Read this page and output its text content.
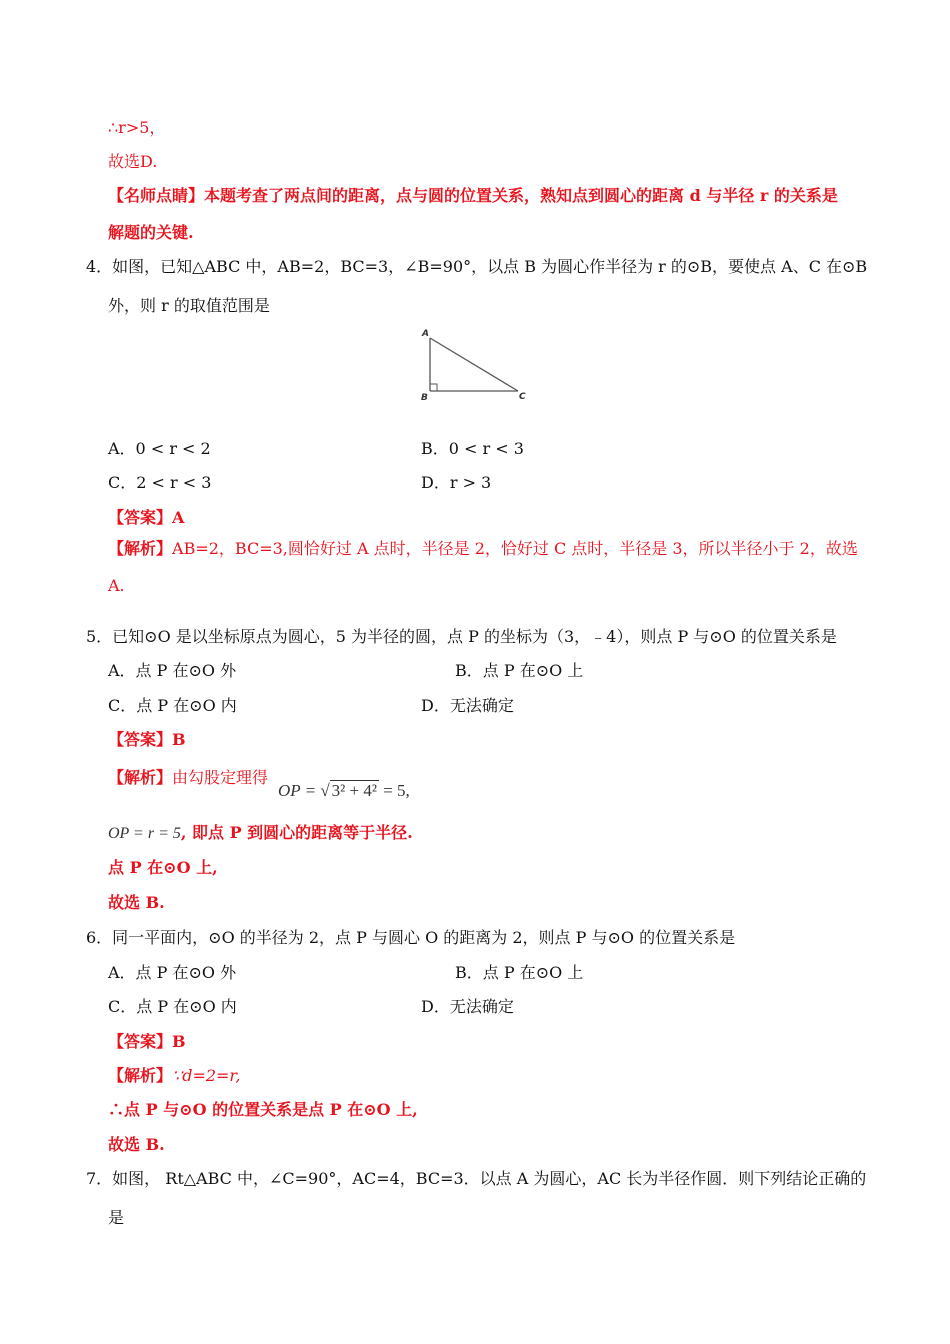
∴r>5，
故选D.
【名师点睛】本题考查了两点间的距离，点与圆的位置关系，熟知点到圆心的距离 d 与半径 r 的关系是
解题的关键.
4．如图，已知△ABC 中，AB=2，BC=3，∠B=90°，以点 B 为圆心作半径为 r 的⊙B，要使点 A、C 在⊙B
外，则 r 的取值范围是
A
B	C
A．0 < r < 2	B．0 < r < 3
C．2 < r < 3	D．r > 3
【答案】A
【解析】AB=2，BC=3,圆恰好过 A 点时，半径是 2，恰好过 C 点时，半径是 3，所以半径小于 2，故选
A.
5．已知⊙O 是以坐标原点为圆心，5 为半径的圆，点 P 的坐标为（3，﹣4），则点 P 与⊙O 的位置关系是
A．点 P 在⊙O 外	B．点 P 在⊙O 上
C．点 P 在⊙O 内	D．无法确定
【答案】B
【解析】由勾股定理得
OP = √ 3² + 4² = 5,
OP = r = 5, 即点 P 到圆心的距离等于半径.
点 P 在⊙O 上,
故选 B.
6．同一平面内，⊙O 的半径为 2，点 P 与圆心 O 的距离为 2，则点 P 与⊙O 的位置关系是
A．点 P 在⊙O 外	B．点 P 在⊙O 上
C．点 P 在⊙O 内	D．无法确定
【答案】B
【解析】∵d=2=r,
∴点 P 与⊙O 的位置关系是点 P 在⊙O 上,
故选 B.
7．如图， Rt△ABC 中，∠C=90°，AC=4，BC=3．以点 A 为圆心，AC 长为半径作圆．则下列结论正确的
是
